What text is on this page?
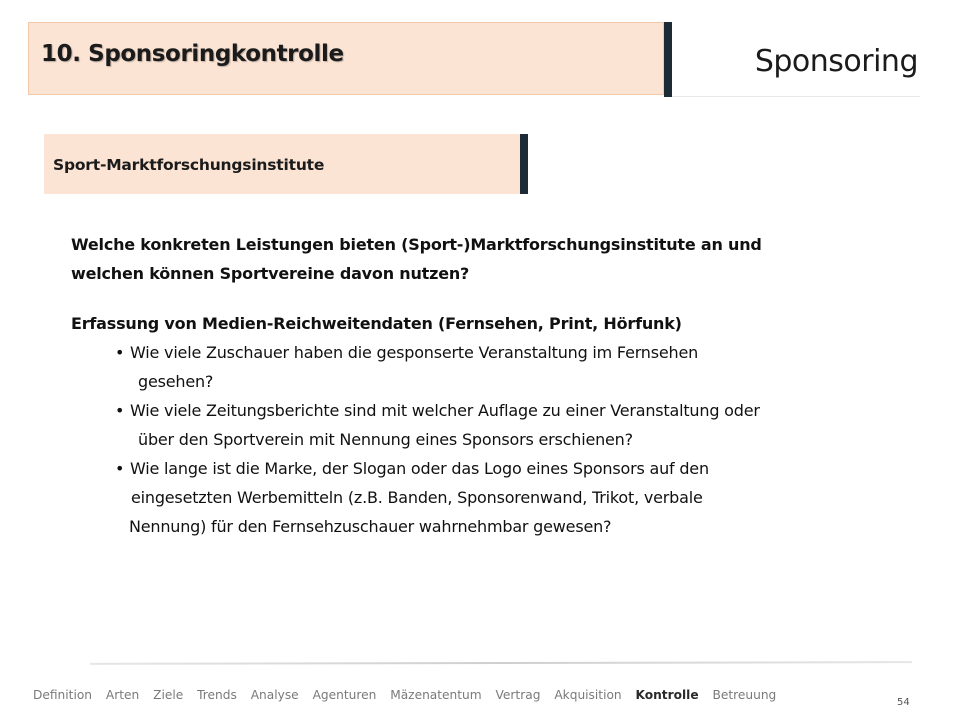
10. Sponsoringkontrolle	Sponsoring
Sport-Marktforschungsinstitute
Welche konkreten Leistungen bieten (Sport-)Marktforschungsinstitute an und
welchen können Sportvereine davon nutzen?
Erfassung von Medien-Reichweitendaten (Fernsehen, Print, Hörfunk)
• Wie viele Zuschauer haben die gesponserte Veranstaltung im Fernsehen
gesehen?
• Wie viele Zeitungsberichte sind mit welcher Auflage zu einer Veranstaltung oder
über den Sportverein mit Nennung eines Sponsors erschienen?
• Wie lange ist die Marke, der Slogan oder das Logo eines Sponsors auf den
eingesetzten Werbemitteln (z.B. Banden, Sponsorenwand, Trikot, verbale
Nennung) für den Fernsehzuschauer wahrnehmbar gewesen?
Definition Arten Ziele Trends Analyse Agenturen Mäzenatentum Vertrag Akquisition Kontrolle Betreuung
54
